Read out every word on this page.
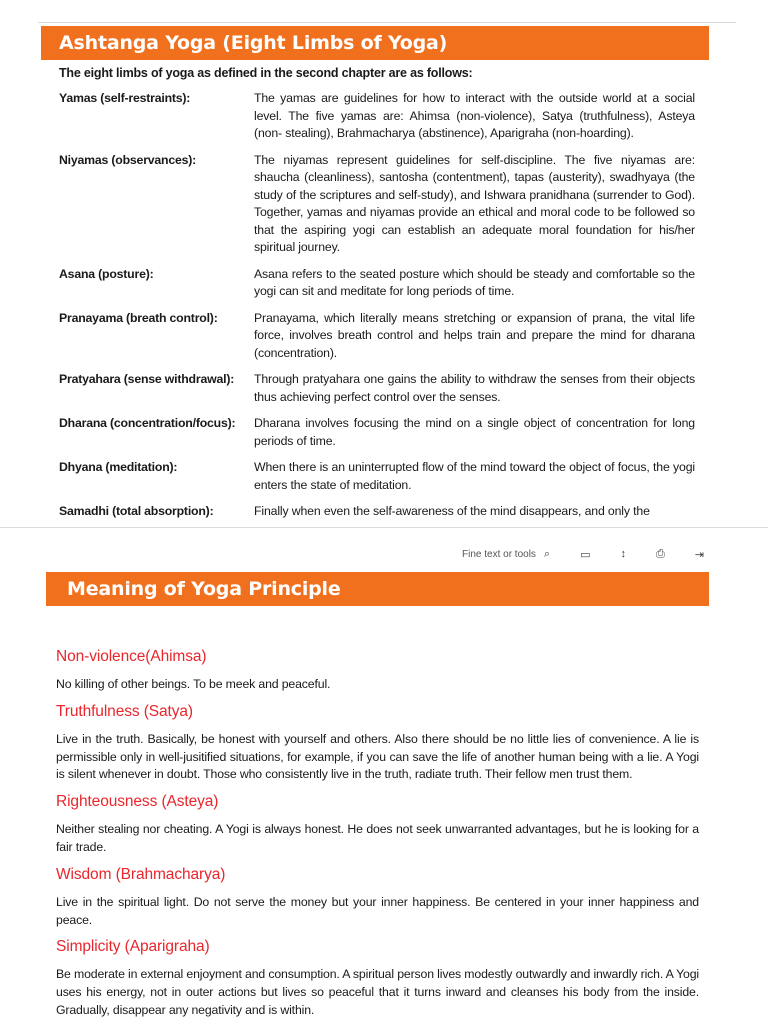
Ashtanga Yoga (Eight Limbs of Yoga)
The eight limbs of yoga as defined in the second chapter are as follows:
Yamas (self-restraints):	The yamas are guidelines for how to interact with the outside world at a social level. The five yamas are: Ahimsa (non-violence), Satya (truthfulness), Asteya (non- stealing), Brahmacharya (abstinence), Aparigraha (non-hoarding).
Niyamas (observances):	The niyamas represent guidelines for self-discipline. The five niyamas are: shaucha (cleanliness), santosha (contentment), tapas (austerity), swadhyaya (the study of the scriptures and self-study), and Ishwara pranidhana (surrender to God). Together, yamas and niyamas provide an ethical and moral code to be followed so that the aspiring yogi can establish an adequate moral foundation for his/her spiritual journey.
Asana (posture):	Asana refers to the seated posture which should be steady and comfortable so the yogi can sit and meditate for long periods of time.
Pranayama (breath control):	Pranayama, which literally means stretching or expansion of prana, the vital life force, involves breath control and helps train and prepare the mind for dharana (concentration).
Pratyahara (sense withdrawal):	Through pratyahara one gains the ability to withdraw the senses from their objects thus achieving perfect control over the senses.
Dharana (concentration/focus):	Dharana involves focusing the mind on a single object of concentration for long periods of time.
Dhyana (meditation):	When there is an uninterrupted flow of the mind toward the object of focus, the yogi enters the state of meditation.
Samadhi (total absorption):	Finally when even the self-awareness of the mind disappears, and only the
Fine text or tools ⌕	▭	↕	⎙	⇥
Meaning of Yoga Principle
Non-violence(Ahimsa)
No killing of other beings. To be meek and peaceful.
Truthfulness (Satya)
Live in the truth. Basically, be honest with yourself and others. Also there should be no little lies of convenience. A lie is permissible only in well-jusitified situations, for example, if you can save the life of another human being with a lie. A Yogi is silent whenever in doubt. Those who consistently live in the truth, radiate truth. Their fellow men trust them.
Righteousness (Asteya)
Neither stealing nor cheating. A Yogi is always honest. He does not seek unwarranted advantages, but he is looking for a fair trade.
Wisdom (Brahmacharya)
Live in the spiritual light. Do not serve the money but your inner happiness. Be centered in your inner happiness and peace.
Simplicity (Aparigraha)
Be moderate in external enjoyment and consumption. A spiritual person lives modestly outwardly and inwardly rich. A Yogi uses his energy, not in outer actions but lives so peaceful that it turns inward and cleanses his body from the inside. Gradually, disappear any negativity and is within.
